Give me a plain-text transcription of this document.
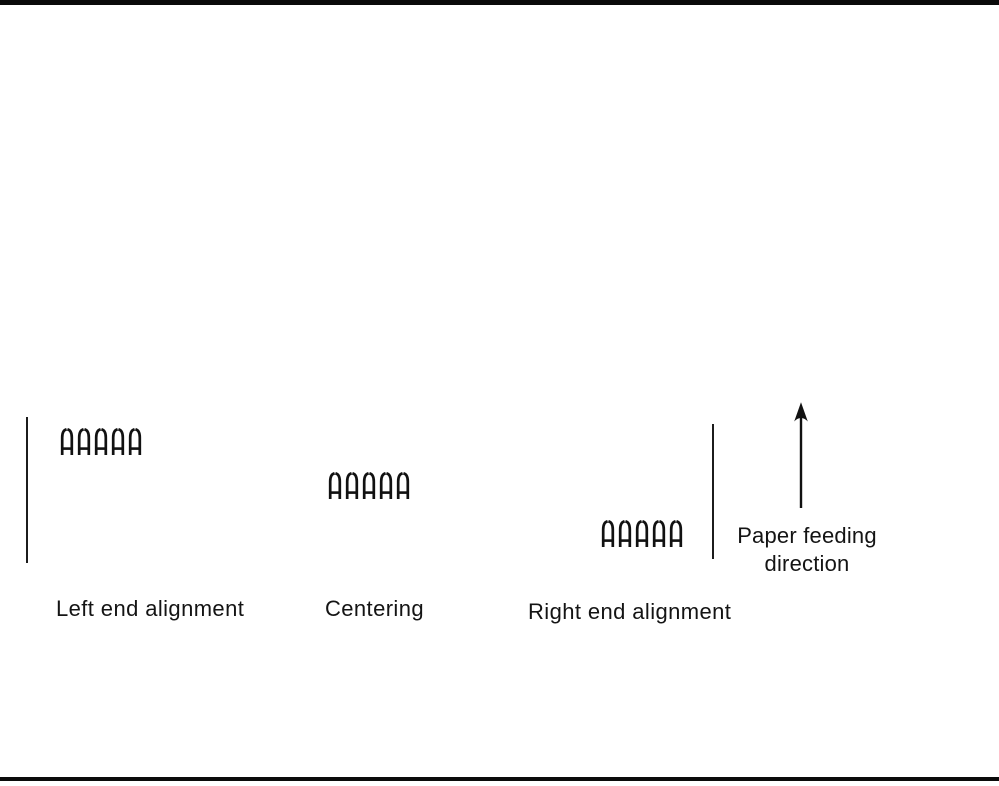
Paper feeding
direction
Left end alignment	Centering	Right end alignment
